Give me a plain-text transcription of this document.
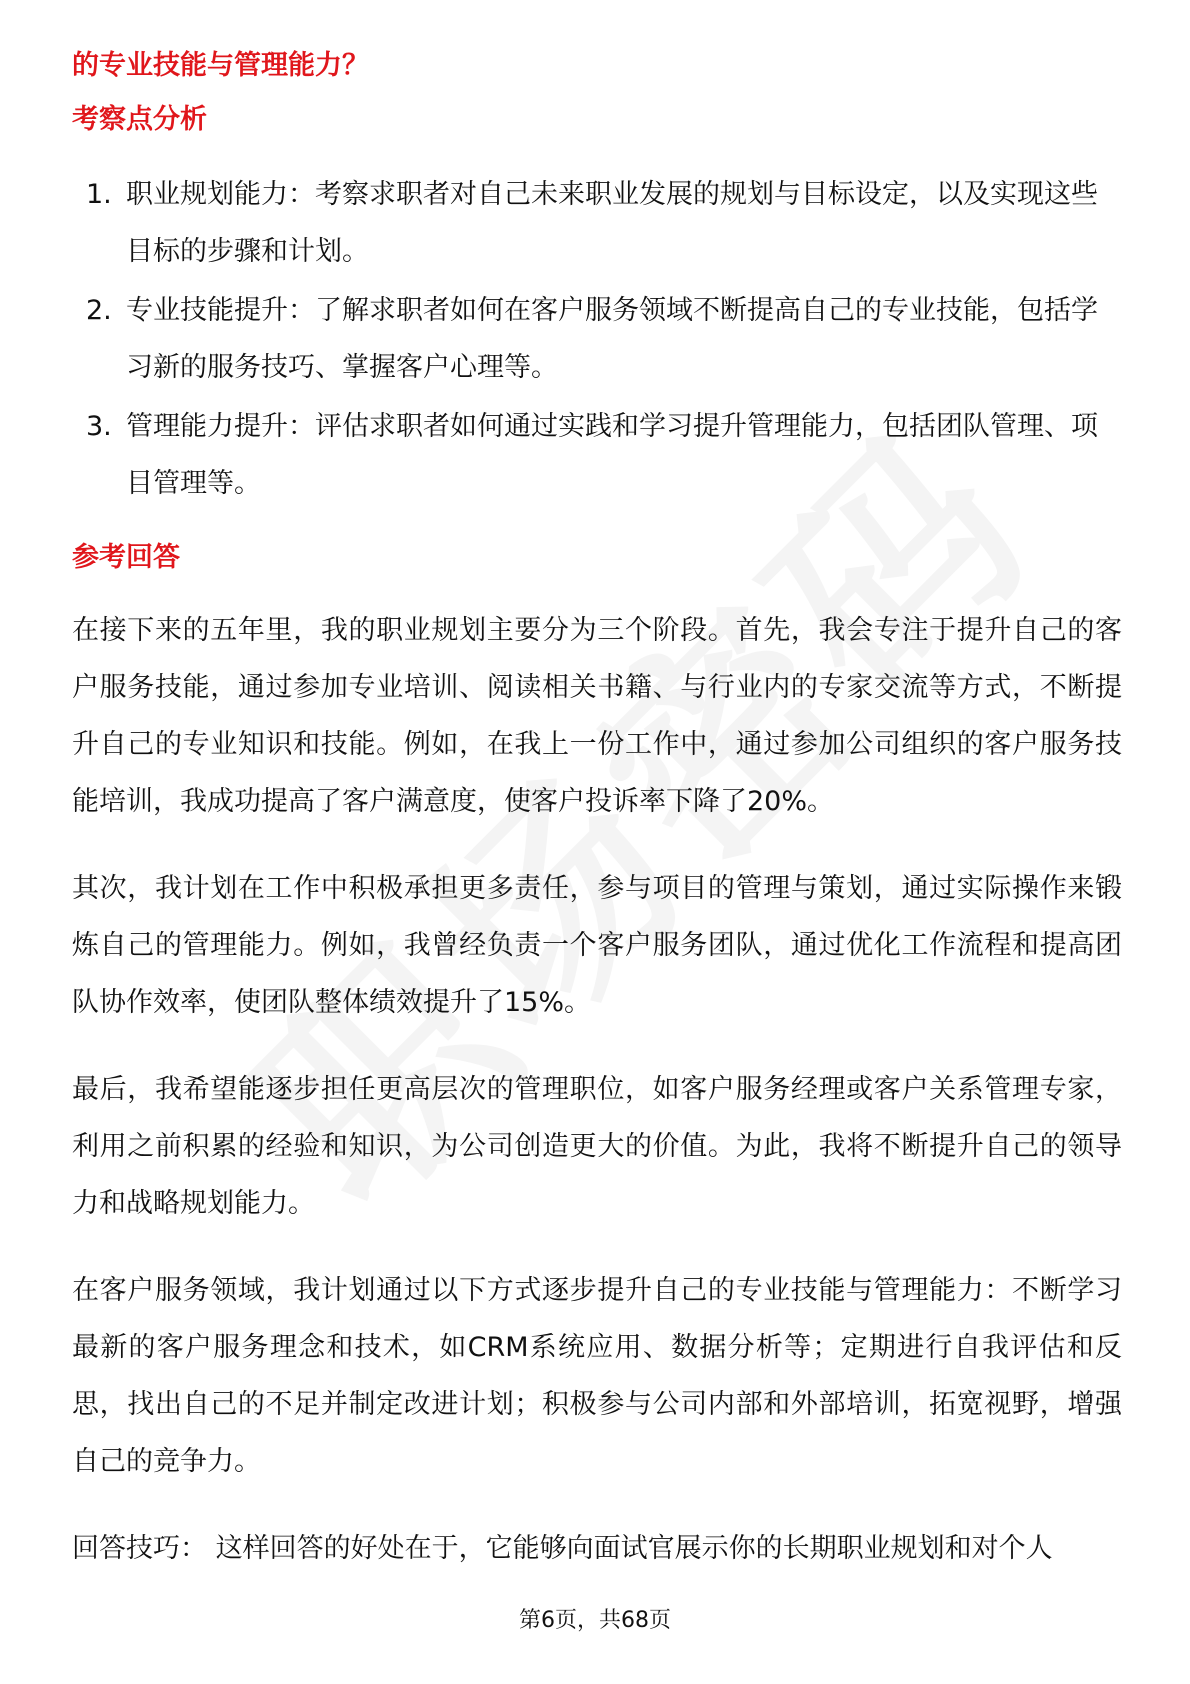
的专业技能与管理能力？
考察点分析
1. 职业规划能力：考察求职者对自己未来职业发展的规划与目标设定，以及实现这些目标的步骤和计划。
2. 专业技能提升：了解求职者如何在客户服务领域不断提高自己的专业技能，包括学习新的服务技巧、掌握客户心理等。
3. 管理能力提升：评估求职者如何通过实践和学习提升管理能力，包括团队管理、项目管理等。
参考回答

在接下来的五年里，我的职业规划主要分为三个阶段。首先，我会专注于提升自己的客户服务技能，通过参加专业培训、阅读相关书籍、与行业内的专家交流等方式，不断提升自己的专业知识和技能。例如，在我上一份工作中，通过参加公司组织的客户服务技能培训，我成功提高了客户满意度，使客户投诉率下降了20%。

其次，我计划在工作中积极承担更多责任，参与项目的管理与策划，通过实际操作来锻炼自己的管理能力。例如，我曾经负责一个客户服务团队，通过优化工作流程和提高团队协作效率，使团队整体绩效提升了15%。

最后，我希望能逐步担任更高层次的管理职位，如客户服务经理或客户关系管理专家，利用之前积累的经验和知识，为公司创造更大的价值。为此，我将不断提升自己的领导力和战略规划能力。

在客户服务领域，我计划通过以下方式逐步提升自己的专业技能与管理能力：不断学习最新的客户服务理念和技术，如CRM系统应用、数据分析等；定期进行自我评估和反思，找出自己的不足并制定改进计划；积极参与公司内部和外部培训，拓宽视野，增强自己的竞争力。

回答技巧： 这样回答的好处在于，它能够向面试官展示你的长期职业规划和对个人

第6页，共68页
